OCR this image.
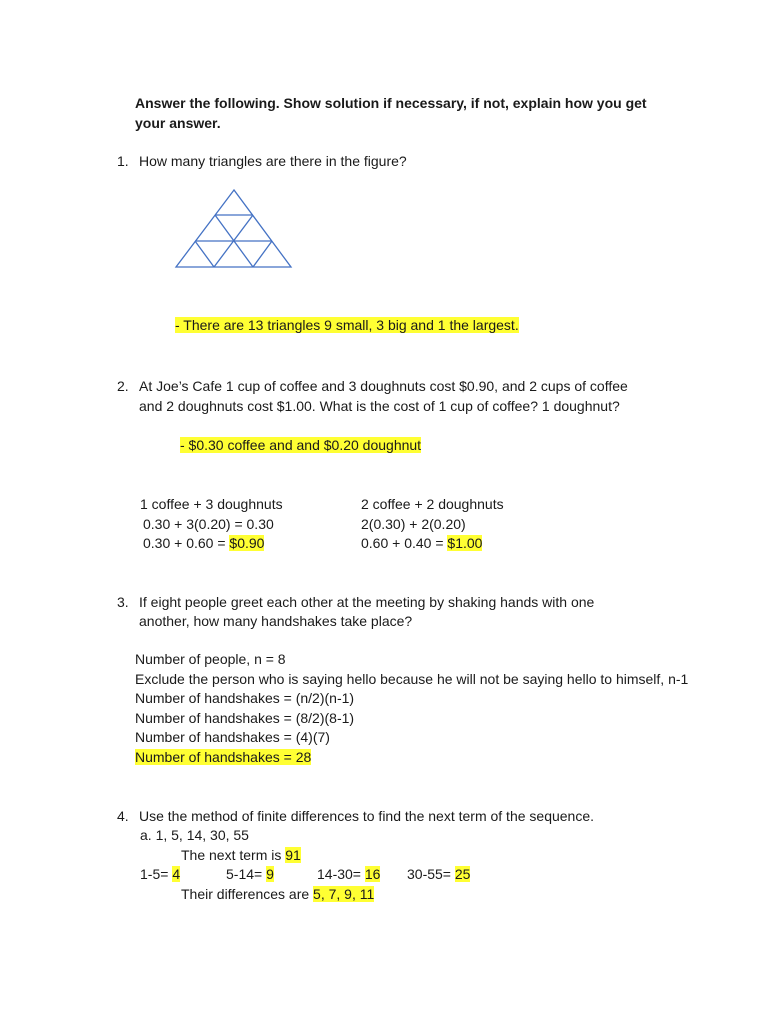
Answer the following. Show solution if necessary, if not, explain how you get
your answer.
1. How many triangles are there in the figure?
- There are 13 triangles 9 small, 3 big and 1 the largest.
2. At Joe’s Cafe 1 cup of coffee and 3 doughnuts cost $0.90, and 2 cups of coffee
and 2 doughnuts cost $1.00. What is the cost of 1 cup of coffee? 1 doughnut?
- $0.30 coffee and and $0.20 doughnut
1 coffee + 3 doughnuts
0.30 + 3(0.20) = 0.30
0.30 + 0.60 = $0.90
2 coffee + 2 doughnuts
2(0.30) + 2(0.20)
0.60 + 0.40 = $1.00
3. If eight people greet each other at the meeting by shaking hands with one
another, how many handshakes take place?
Number of people, n = 8
Exclude the person who is saying hello because he will not be saying hello to himself, n-1
Number of handshakes = (n/2)(n-1)
Number of handshakes = (8/2)(8-1)
Number of handshakes = (4)(7)
Number of handshakes = 28
4. Use the method of finite differences to find the next term of the sequence.
a. 1, 5, 14, 30, 55
The next term is 91
1-5= 4	5-14= 9	14-30= 16 30-55= 25
Their differences are 5, 7, 9, 11
